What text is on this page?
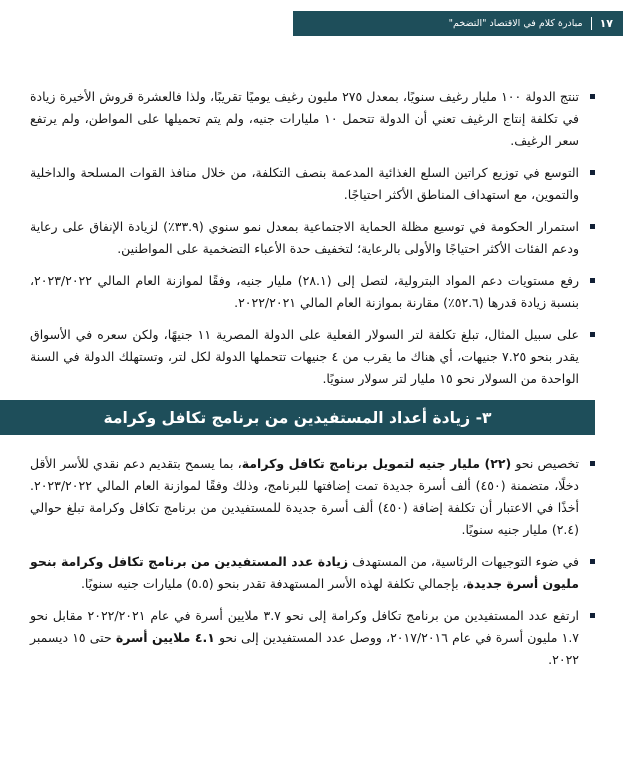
١٧
مبادرة كلام في الاقتصاد "التضخم"
تنتج الدولة ١٠٠ مليار رغيف سنويًا، بمعدل ٢٧٥ مليون رغيف يوميًا تقريبًا، ولذا فالعشرة قروش الأخيرة زيادة في تكلفة إنتاج الرغيف تعني أن الدولة تتحمل ١٠ مليارات جنيه، ولم يتم تحميلها على المواطن، ولم يرتفع سعر الرغيف.
التوسع في توزيع كراتين السلع الغذائية المدعمة بنصف التكلفة، من خلال منافذ القوات المسلحة والداخلية والتموين، مع استهداف المناطق الأكثر احتياجًا.
استمرار الحكومة في توسيع مظلة الحماية الاجتماعية بمعدل نمو سنوي (٣٣.٩٪) لزيادة الإنفاق على رعاية ودعم الفئات الأكثر احتياجًا والأولى بالرعاية؛ لتخفيف حدة الأعباء التضخمية على المواطنين.
رفع مستويات دعم المواد البترولية، لتصل إلى (٢٨.١) مليار جنيه، وفقًا لموازنة العام المالي ٢٠٢٣/٢٠٢٢، بنسبة زيادة قدرها (٥٢.٦٪) مقارنة بموازنة العام المالي ٢٠٢٢/٢٠٢١.
على سبيل المثال، تبلغ تكلفة لتر السولار الفعلية على الدولة المصرية ١١ جنيهًا، ولكن سعره في الأسواق يقدر بنحو ٧.٢٥ جنيهات، أي هناك ما يقرب من ٤ جنيهات تتحملها الدولة لكل لتر، وتستهلك الدولة في السنة الواحدة من السولار نحو ١٥ مليار لتر سولار سنويًا.
٣- زيادة أعداد المستفيدين من برنامج تكافل وكرامة
تخصيص نحو (٢٢) مليار جنيه لتمويل برنامج تكافل وكرامة، بما يسمح بتقديم دعم نقدي للأسر الأقل دخلًا، متضمنة (٤٥٠) ألف أسرة جديدة تمت إضافتها للبرنامج، وذلك وفقًا لموازنة العام المالي ٢٠٢٣/٢٠٢٢. أخذًا في الاعتبار أن تكلفة إضافة (٤٥٠) ألف أسرة جديدة للمستفيدين من برنامج تكافل وكرامة تبلغ حوالي (٢.٤) مليار جنيه سنويًا.
في ضوء التوجيهات الرئاسية، من المستهدف زيادة عدد المستفيدين من برنامج تكافل وكرامة بنحو مليون أسرة جديدة، بإجمالي تكلفة لهذه الأسر المستهدفة تقدر بنحو (٥.٥) مليارات جنيه سنويًا.
ارتفع عدد المستفيدين من برنامج تكافل وكرامة إلى نحو ٣.٧ ملايين أسرة في عام ٢٠٢٢/٢٠٢١ مقابل نحو ١.٧ مليون أسرة في عام ٢٠١٧/٢٠١٦، ووصل عدد المستفيدين إلى نحو ٤.١ ملايين أسرة حتى ١٥ ديسمبر ٢٠٢٢.
